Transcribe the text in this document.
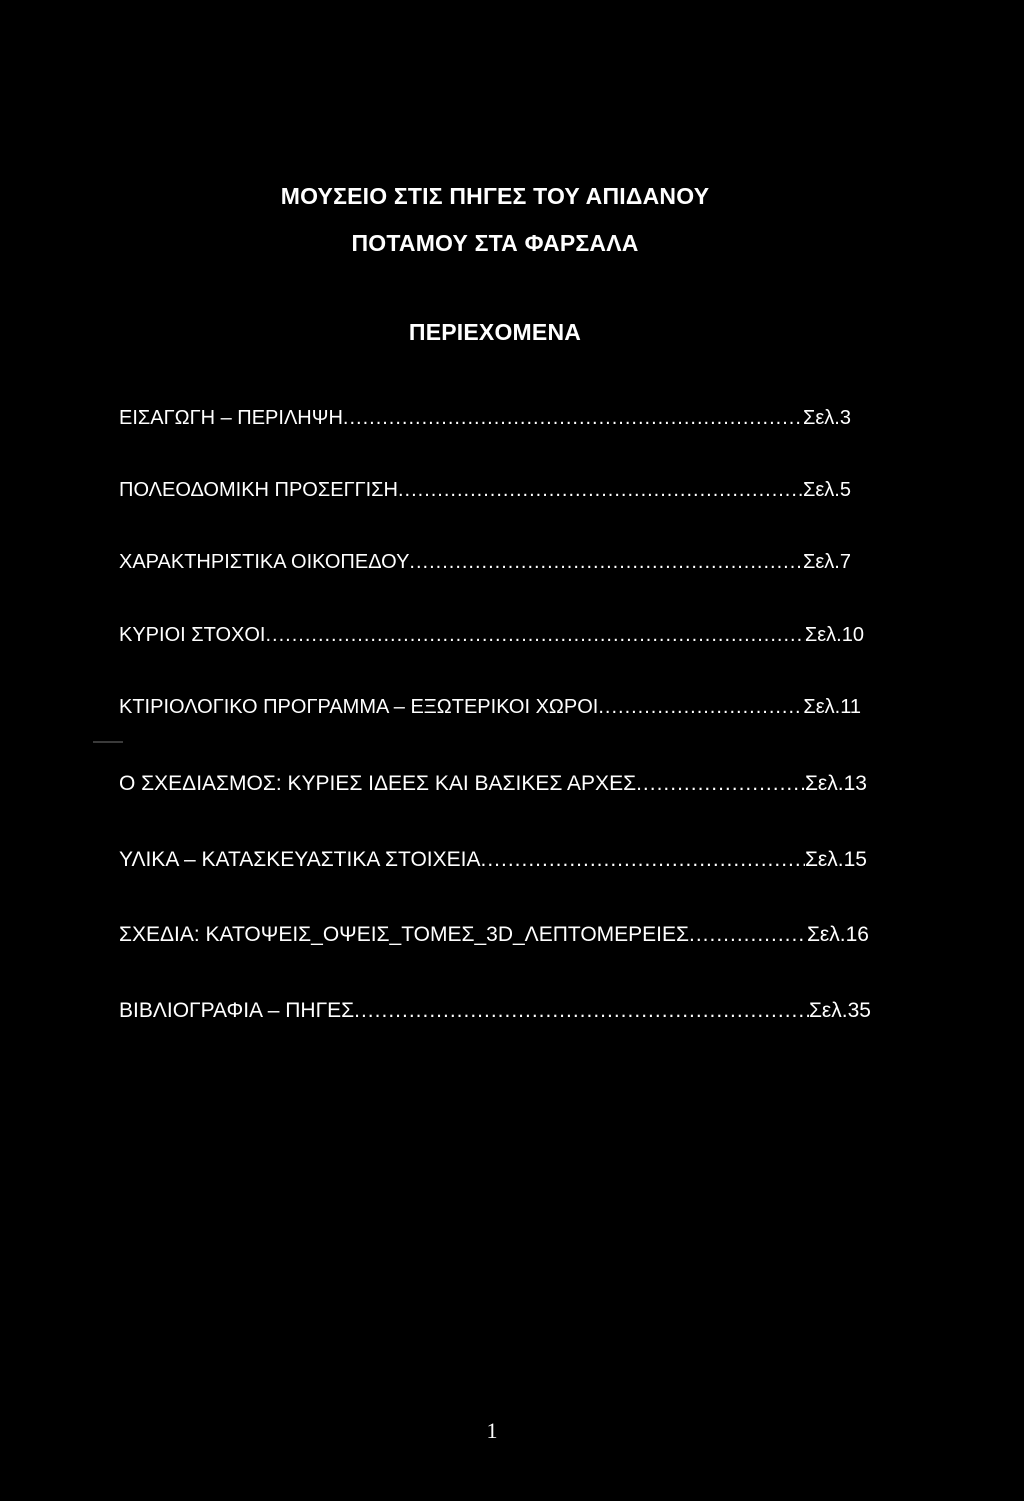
ΜΟΥΣΕΙΟ ΣΤΙΣ ΠΗΓΕΣ ΤΟΥ ΑΠΙΔΑΝΟΥ
ΠΟΤΑΜΟΥ ΣΤΑ ΦΑΡΣΑΛΑ
ΠΕΡΙΕΧΟΜΕΝΑ
ΕΙΣΑΓΩΓΗ – ΠΕΡΙΛΗΨΗ .....	Σελ.3
ΠΟΛΕΟΔΟΜΙΚΗ ΠΡΟΣΕΓΓΙΣΗ .....	Σελ.5
ΧΑΡΑΚΤΗΡΙΣΤΙΚΑ ΟΙΚΟΠΕΔΟΥ .....	Σελ.7
ΚΥΡΙΟΙ ΣΤΟΧΟΙ .....	Σελ.10
ΚΤΙΡΙΟΛΟΓΙΚΟ ΠΡΟΓΡΑΜΜΑ – ΕΞΩΤΕΡΙΚΟΙ ΧΩΡΟΙ .....	Σελ.11
Ο ΣΧΕΔΙΑΣΜΟΣ: ΚΥΡΙΕΣ ΙΔΕΕΣ ΚΑΙ ΒΑΣΙΚΕΣ ΑΡΧΕΣ .....	Σελ.13
ΥΛΙΚΑ – ΚΑΤΑΣΚΕΥΑΣΤΙΚΑ ΣΤΟΙΧΕΙΑ .....	Σελ.15
ΣΧΕΔΙΑ: ΚΑΤΟΨΕΙΣ_ΟΨΕΙΣ_ΤΟΜΕΣ_3D_ΛΕΠΤΟΜΕΡΕΙΕΣ .....	Σελ.16
ΒΙΒΛΙΟΓΡΑΦΙΑ – ΠΗΓΕΣ .....	Σελ.35
1
